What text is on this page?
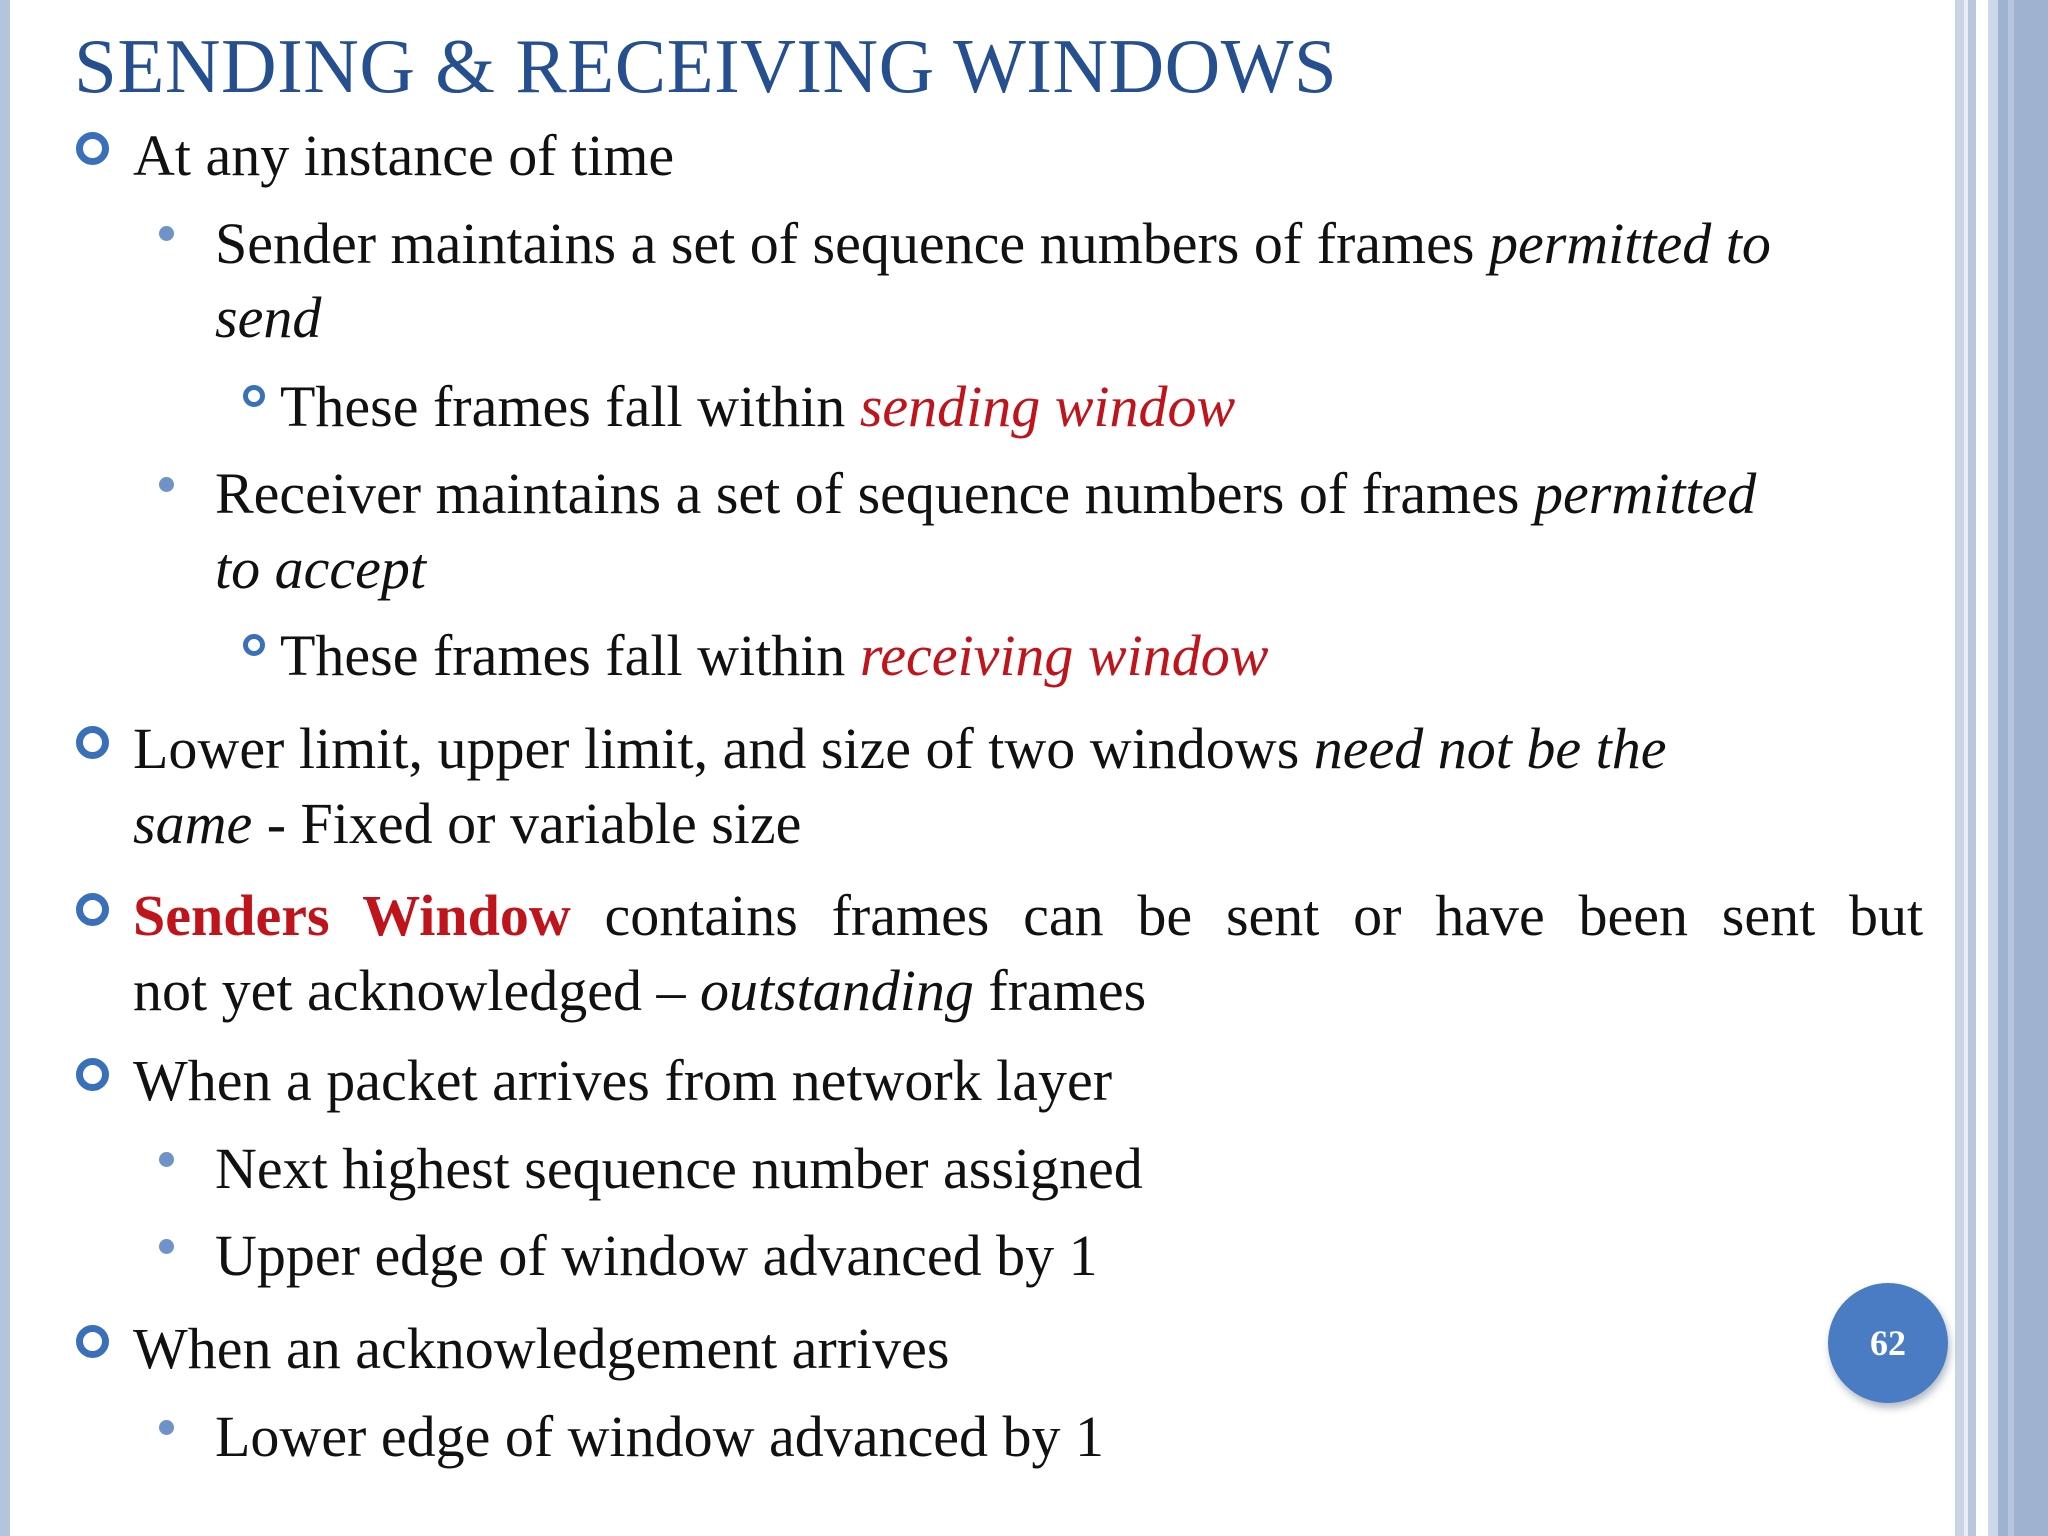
SENDING & RECEIVING WINDOWS
At any instance of time
Sender maintains a set of sequence numbers of frames permitted to
send
These frames fall within sending window
Receiver maintains a set of sequence numbers of frames permitted
to accept
These frames fall within receiving window
Lower limit, upper limit, and size of two windows need not be the
same - Fixed or variable size
Senders Window contains frames can be sent or have been sent but
not yet acknowledged – outstanding frames
When a packet arrives from network layer
Next highest sequence number assigned
Upper edge of window advanced by 1
When an acknowledgement arrives
Lower edge of window advanced by 1
62
